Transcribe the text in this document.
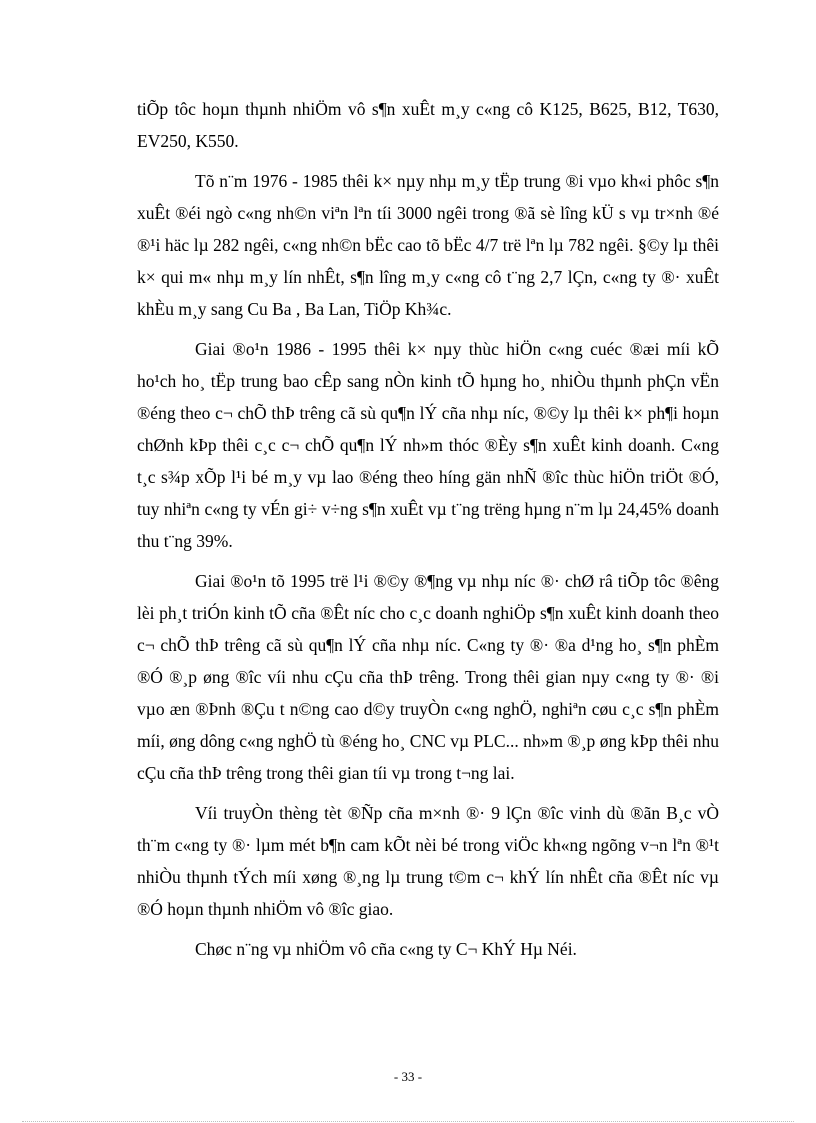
tiÕp tôc hoµn thµnh nhiÖm vô s¶n xuÊt m¸y c«ng cô K125, B625, B12, T630, EV250, K550.

Tõ n¨m 1976 - 1985 thêi k× nµy nhµ m¸y tËp trung ®i vµo kh«i phôc s¶n xuÊt ®éi ngò c«ng nh©n viªn lªn tíi 3000 ngêi trong ®ã sè lîng kÜ s vµ tr×nh ®é ®¹i häc lµ 282 ngêi, c«ng nh©n bËc cao tõ bËc 4/7 trë lªn lµ 782 ngêi. §©y lµ thêi k× qui m« nhµ m¸y lín nhÊt, s¶n lîng m¸y c«ng cô t¨ng 2,7 lÇn, c«ng ty ®· xuÊt khÈu m¸y sang Cu Ba , Ba Lan, TiÖp Kh¾c.

Giai ®o¹n 1986 - 1995 thêi k× nµy thùc hiÖn c«ng cuéc ®æi míi kÕ ho¹ch ho¸ tËp trung bao cÊp sang nÒn kinh tÕ hµng ho¸ nhiÒu thµnh phÇn vËn ®éng theo c¬ chÕ thÞ trêng cã sù qu¶n lÝ cña nhµ níc, ®©y lµ thêi k× ph¶i hoµn chØnh kÞp thêi c¸c c¬ chÕ qu¶n lÝ nh»m thóc ®Èy s¶n xuÊt kinh doanh. C«ng t¸c s¾p xÕp l¹i bé m¸y vµ lao ®éng theo híng gän nhÑ ®îc thùc hiÖn triÖt ®Ó, tuy nhiªn c«ng ty vÉn gi÷ v÷ng s¶n xuÊt vµ t¨ng trëng hµng n¨m lµ 24,45% doanh thu t¨ng 39%.

Giai ®o¹n tõ 1995 trë l¹i ®©y ®¶ng vµ nhµ níc ®· chØ râ tiÕp tôc ®êng lèi ph¸t triÓn kinh tÕ cña ®Êt níc cho c¸c doanh nghiÖp s¶n xuÊt kinh doanh theo c¬ chÕ thÞ trêng cã sù qu¶n lÝ cña nhµ níc. C«ng ty ®· ®a d¹ng ho¸ s¶n phÈm ®Ó ®¸p øng ®îc víi nhu cÇu cña thÞ trêng. Trong thêi gian nµy c«ng ty ®· ®i vµo æn ®Þnh ®Çu t n©ng cao d©y truyÒn c«ng nghÖ, nghiªn cøu c¸c s¶n phÈm míi, øng dông c«ng nghÖ tù ®éng ho¸ CNC vµ PLC... nh»m ®¸p øng kÞp thêi nhu cÇu cña thÞ trêng trong thêi gian tíi vµ trong t¬ng lai.

Víi truyÒn thèng tèt ®Ñp cña m×nh ®· 9 lÇn ®îc vinh dù ®ãn B¸c vÒ th¨m c«ng ty ®· lµm mét b¶n cam kÕt nèi bé trong viÖc kh«ng ngõng v¬n lªn ®¹t nhiÒu thµnh tÝch míi xøng ®¸ng lµ trung t©m c¬ khÝ lín nhÊt cña ®Êt níc vµ ®Ó hoµn thµnh nhiÖm vô ®îc giao.

Chøc n¨ng vµ nhiÖm vô cña c«ng ty C¬ KhÝ Hµ Néi.

- 33 -
